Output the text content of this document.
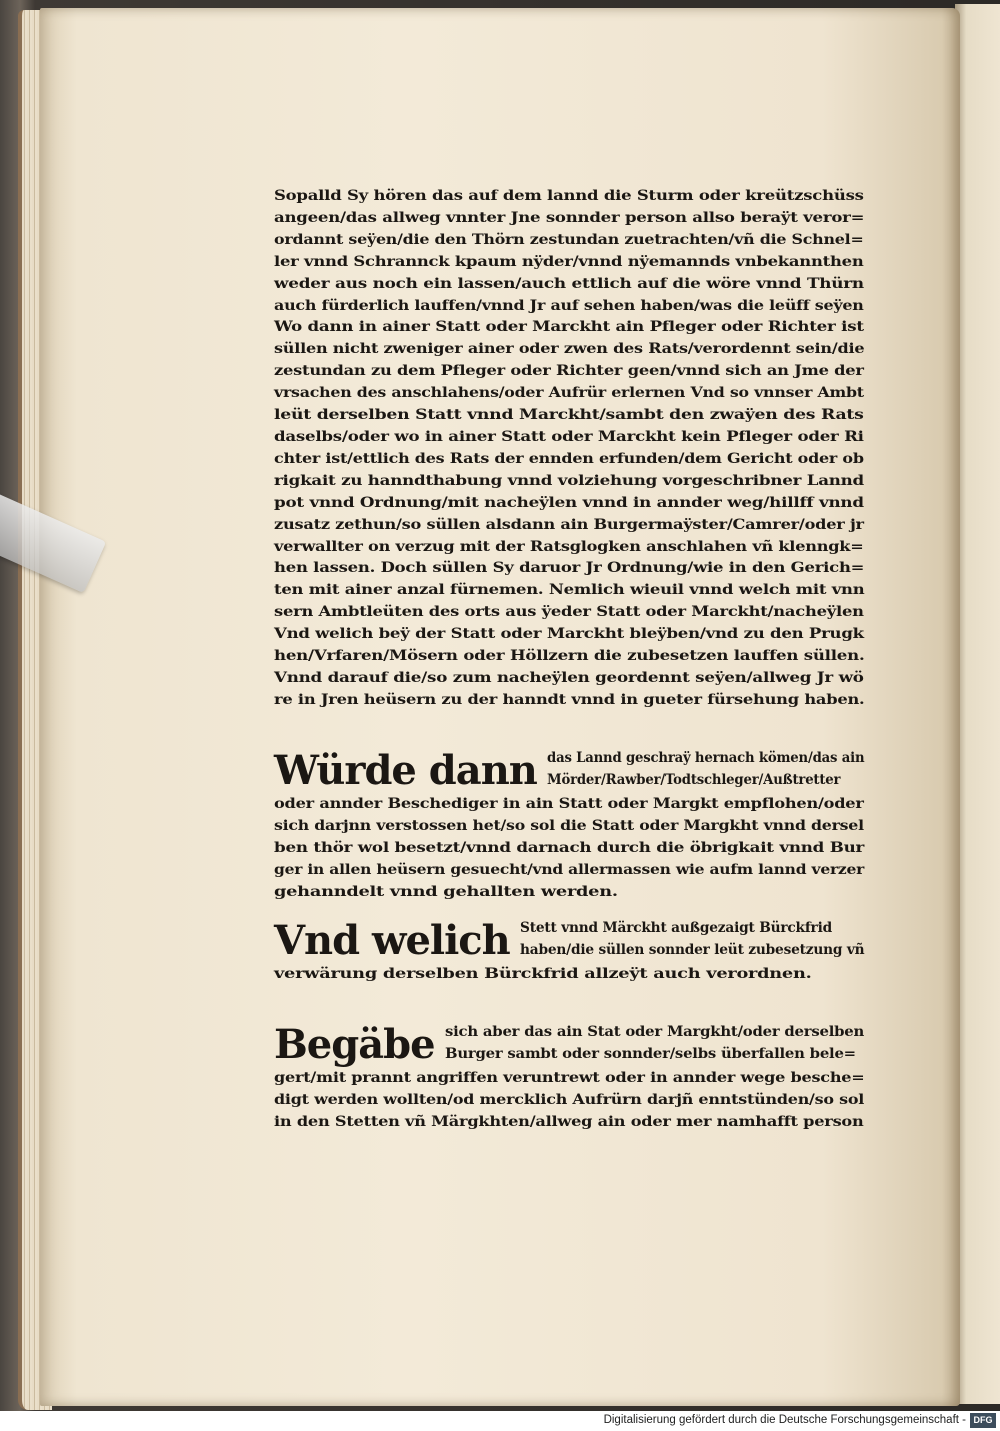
Sopalld Sy hören das auf dem lannd die Sturm oder kreützschüss
angeen/das allweg vnnter Jne sonnder person allso beraÿt veror=
ordannt seÿen/die den Thörn zestundan zuetrachten/vñ die Schnel=
ler vnnd Schrannck kpaum nÿder/vnnd nÿemannds vnbekannthen
weder aus noch ein lassen/auch ettlich auf die wöre vnnd Thürn
auch fürderlich lauffen/vnnd Jr auf sehen haben/was die leüff seÿen
Wo dann in ainer Statt oder Marckht ain Pfleger oder Richter ist
süllen nicht zweniger ainer oder zwen des Rats/verordennt sein/die
zestundan zu dem Pfleger oder Richter geen/vnnd sich an Jme der
vrsachen des anschlahens/oder Aufrür erlernen Vnd so vnnser Ambt
leüt derselben Statt vnnd Marckht/sambt den zwaÿen des Rats
daselbs/oder wo in ainer Statt oder Marckht kein Pfleger oder Ri
chter ist/ettlich des Rats der ennden erfunden/dem Gericht oder ob
rigkait zu hanndthabung vnnd volziehung vorgeschribner Lannd
pot vnnd Ordnung/mit nacheÿlen vnnd in annder weg/hillff vnnd
zusatz zethun/so süllen alsdann ain Burgermaÿster/Camrer/oder jr
verwallter on verzug mit der Ratsglogken anschlahen vñ klenngk=
hen lassen. Doch süllen Sy daruor Jr Ordnung/wie in den Gerich=
ten mit ainer anzal fürnemen. Nemlich wieuil vnnd welch mit vnn
sern Ambtleüten des orts aus ÿeder Statt oder Marckht/nacheÿlen
Vnd welich beÿ der Statt oder Marckht bleÿben/vnd zu den Prugk
hen/Vrfaren/Mösern oder Höllzern die zubesetzen lauffen süllen.
Vnnd darauf die/so zum nacheÿlen geordennt seÿen/allweg Jr wö
re in Jren heüsern zu der hanndt vnnd in gueter fürsehung haben.
Würde dann das Lannd geschraÿ hernach kömen/das ain
Mörder/Rawber/Todtschleger/Außtretter
oder annder Beschediger in ain Statt oder Margkt empflohen/oder
sich darjnn verstossen het/so sol die Statt oder Margkht vnnd dersel
ben thör wol besetzt/vnnd darnach durch die öbrigkait vnnd Bur
ger in allen heüsern gesuecht/vnd allermassen wie aufm lannd verzer
gehanndelt vnnd gehallten werden.
Vnd welich Stett vnnd Märckht außgezaigt Bürckfrid
haben/die süllen sonnder leüt zubesetzung vñ
verwärung derselben Bürckfrid allzeÿt auch verordnen.
Begäbe sich aber das ain Stat oder Margkht/oder derselben
Burger sambt oder sonnder/selbs überfallen bele=
gert/mit prannt angriffen veruntrewt oder in annder wege besche=
digt werden wollten/od mercklich Aufrürn darjñ enntstünden/so sol
in den Stetten vñ Märgkhten/allweg ain oder mer namhafft person
Digitalisierung gefördert durch die Deutsche Forschungsgemeinschaft - DFG
